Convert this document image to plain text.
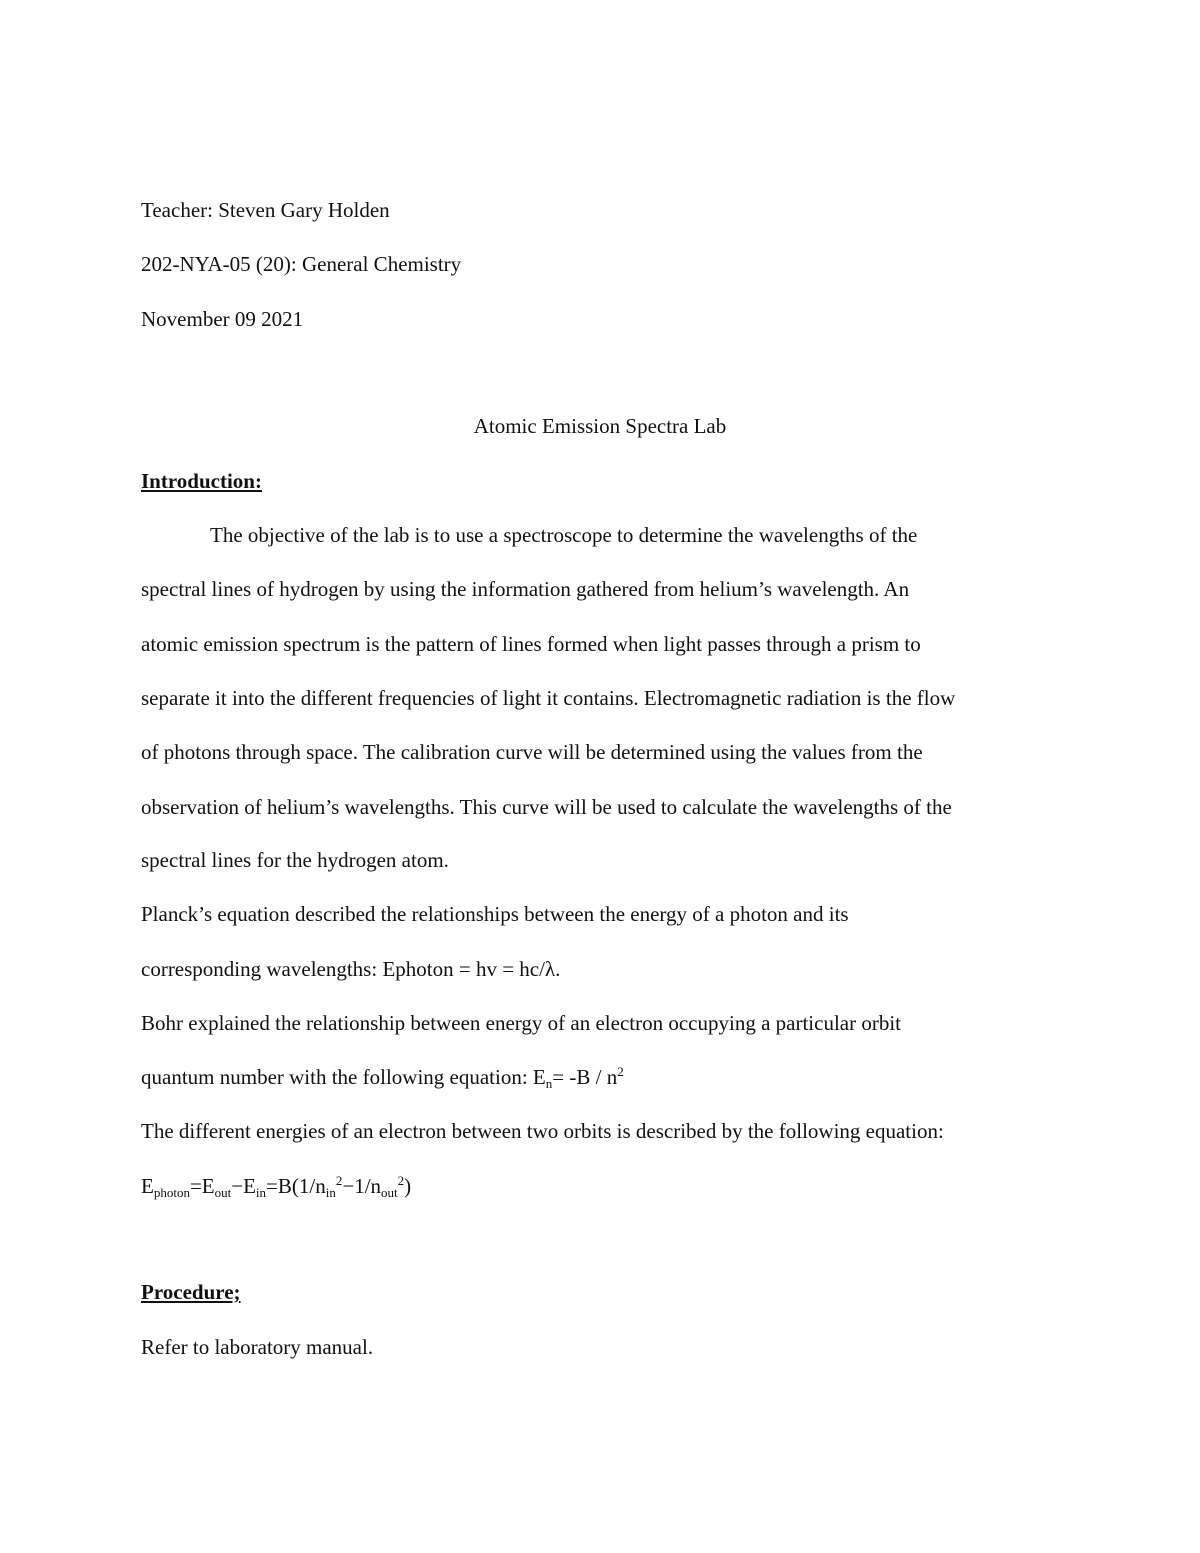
Teacher: Steven Gary Holden
202-NYA-05 (20): General Chemistry
November 09 2021
Atomic Emission Spectra Lab
Introduction:
The objective of the lab is to use a spectroscope to determine the wavelengths of the
spectral lines of hydrogen by using the information gathered from helium’s wavelength. An
atomic emission spectrum is the pattern of lines formed when light passes through a prism to
separate it into the different frequencies of light it contains. Electromagnetic radiation is the flow
of photons through space. The calibration curve will be determined using the values from the
observation of helium’s wavelengths. This curve will be used to calculate the wavelengths of the
spectral lines for the hydrogen atom.
Planck’s equation described the relationships between the energy of a photon and its
corresponding wavelengths: Ephoton = hv = hc/λ.
Bohr explained the relationship between energy of an electron occupying a particular orbit
quantum number with the following equation: $E_n= -B / n^2$
The different energies of an electron between two orbits is described by the following equation:
$E_{photon}=E_{out}-E_{in}=B(1/n_{in}^2-1/n_{out}^2)$
Procedure;
Refer to laboratory manual.
